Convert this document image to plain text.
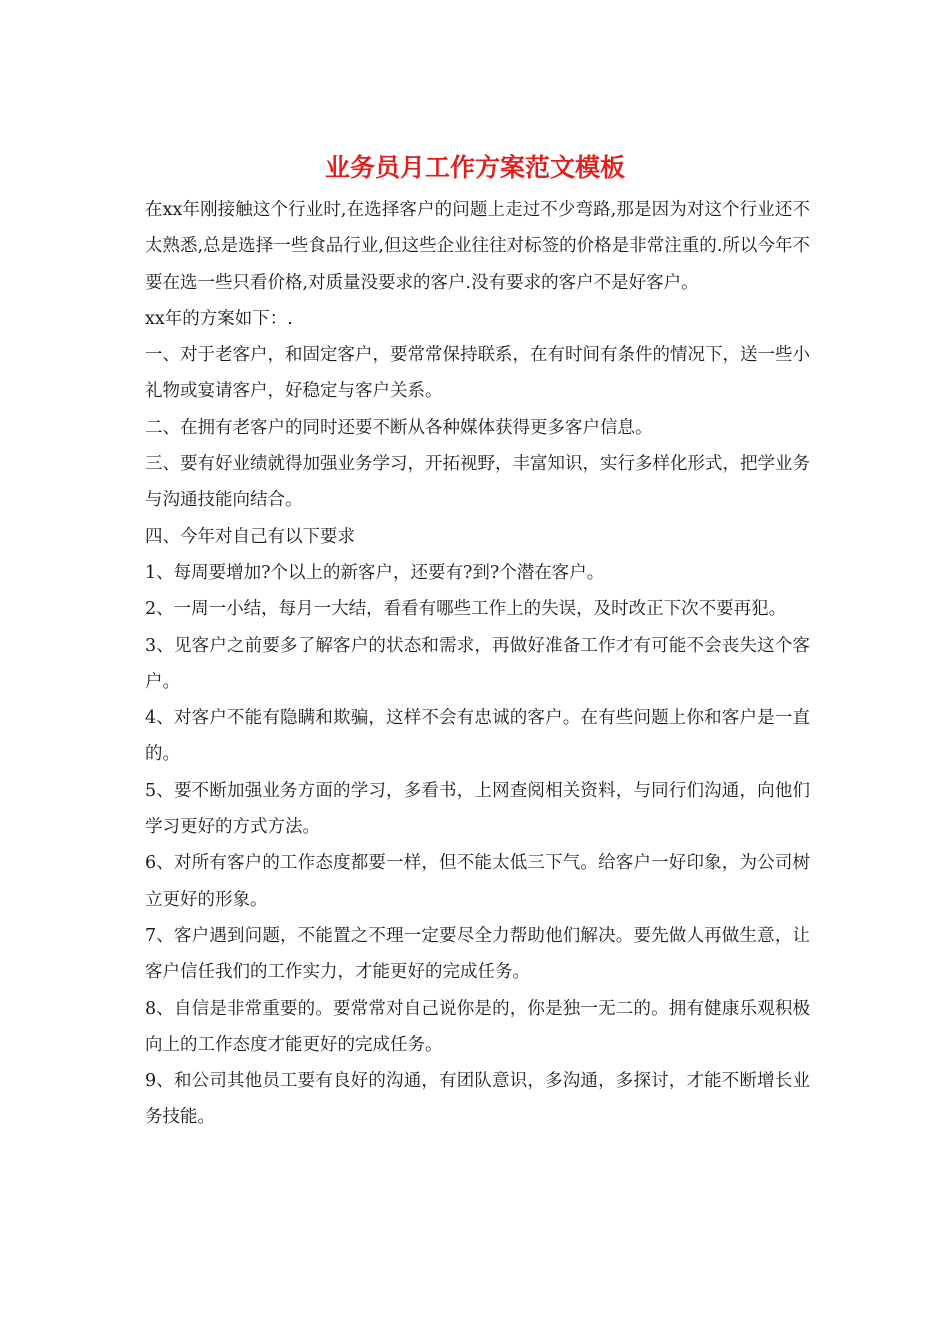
业务员月工作方案范文模板

在xx年刚接触这个行业时,在选择客户的问题上走过不少弯路,那是因为对这个行业还不太熟悉,总是选择一些食品行业,但这些企业往往对标签的价格是非常注重的.所以今年不要在选一些只看价格,对质量没要求的客户.没有要求的客户不是好客户。

xx年的方案如下：.

一、对于老客户，和固定客户，要常常保持联系，在有时间有条件的情况下，送一些小礼物或宴请客户，好稳定与客户关系。

二、在拥有老客户的同时还要不断从各种媒体获得更多客户信息。

三、要有好业绩就得加强业务学习，开拓视野，丰富知识，实行多样化形式，把学业务与沟通技能向结合。

四、今年对自己有以下要求

1、每周要增加?个以上的新客户，还要有?到?个潜在客户。

2、一周一小结，每月一大结，看看有哪些工作上的失误，及时改正下次不要再犯。

3、见客户之前要多了解客户的状态和需求，再做好准备工作才有可能不会丧失这个客户。

4、对客户不能有隐瞒和欺骗，这样不会有忠诚的客户。在有些问题上你和客户是一直的。

5、要不断加强业务方面的学习，多看书，上网查阅相关资料，与同行们沟通，向他们学习更好的方式方法。

6、对所有客户的工作态度都要一样，但不能太低三下气。给客户一好印象，为公司树立更好的形象。

7、客户遇到问题，不能置之不理一定要尽全力帮助他们解决。要先做人再做生意，让客户信任我们的工作实力，才能更好的完成任务。

8、自信是非常重要的。要常常对自己说你是的，你是独一无二的。拥有健康乐观积极向上的工作态度才能更好的完成任务。

9、和公司其他员工要有良好的沟通，有团队意识，多沟通，多探讨，才能不断增长业务技能。
